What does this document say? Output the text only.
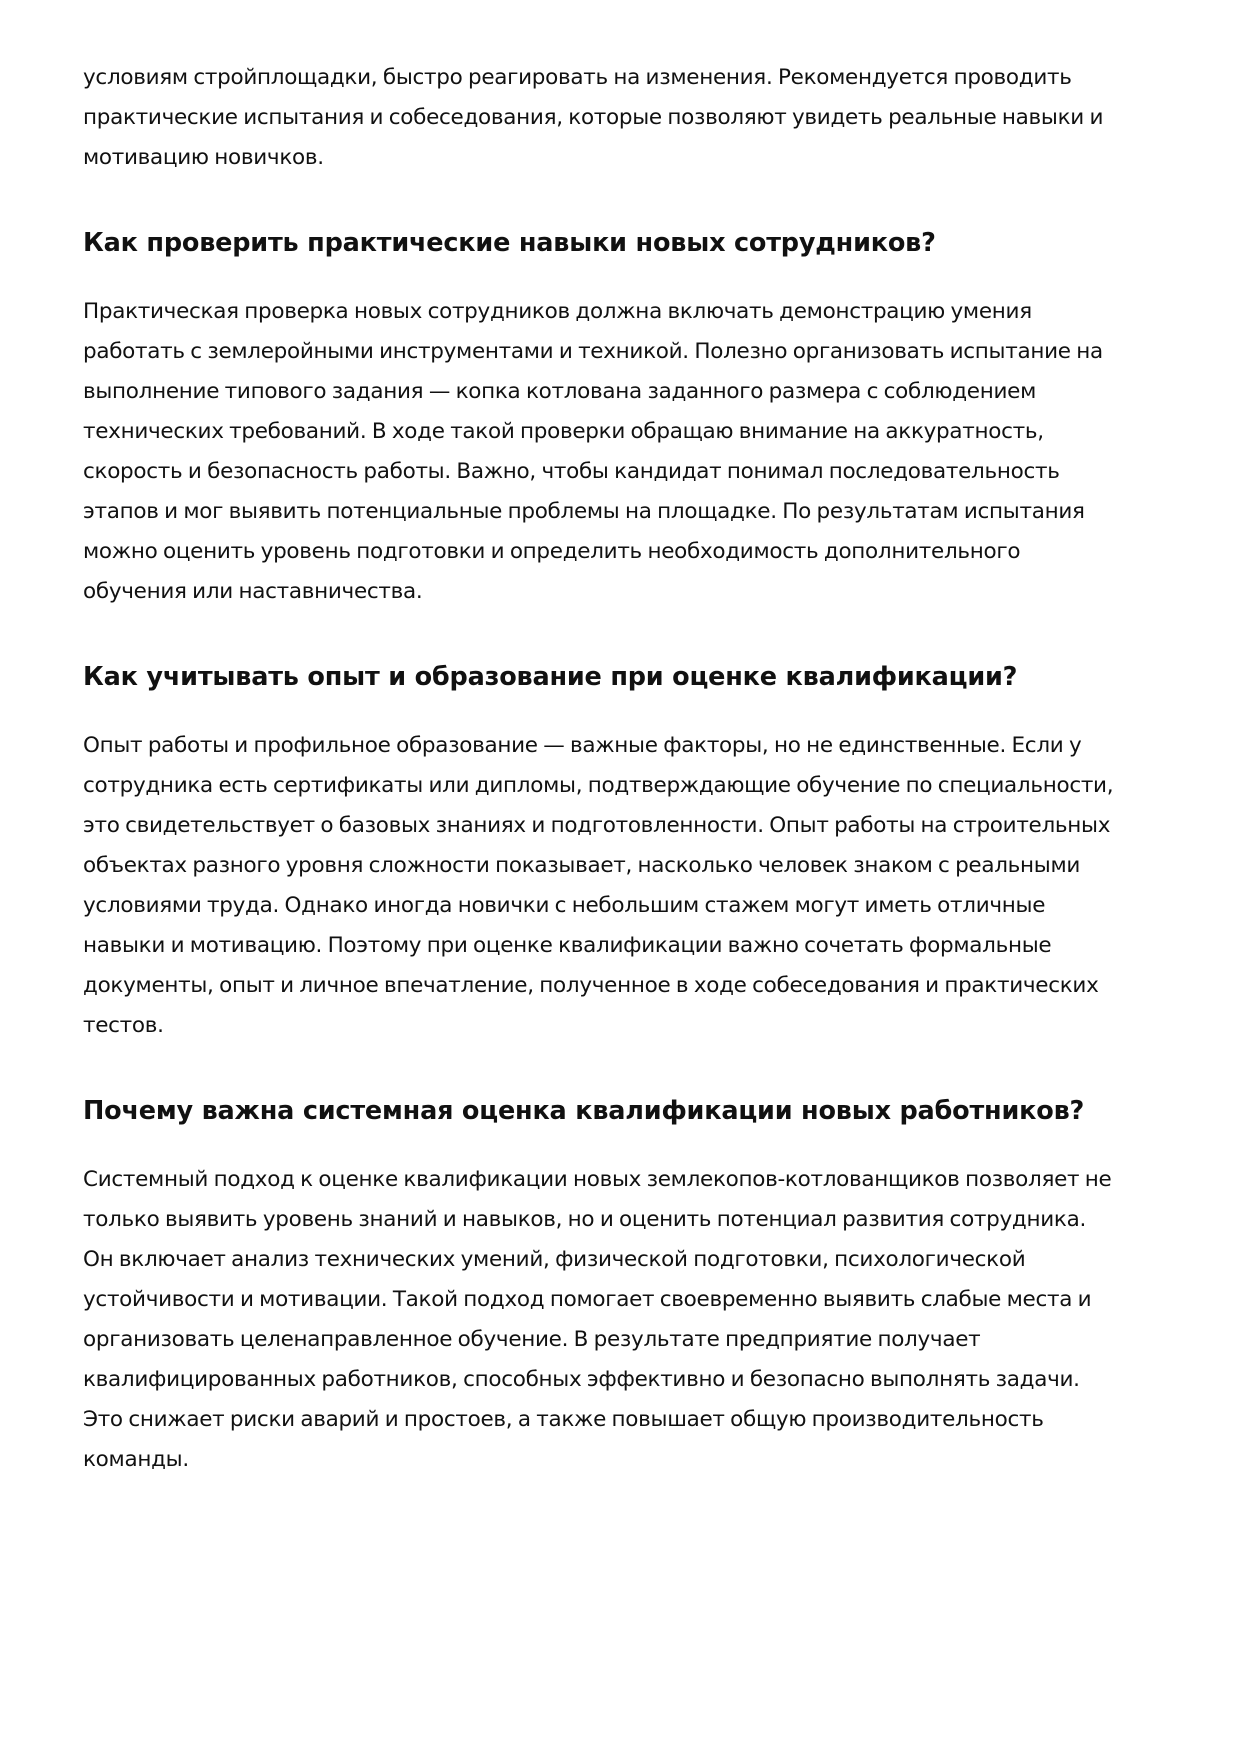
условиям стройплощадки, быстро реагировать на изменения. Рекомендуется проводить
практические испытания и собеседования, которые позволяют увидеть реальные навыки и
мотивацию новичков.

Как проверить практические навыки новых сотрудников?

Практическая проверка новых сотрудников должна включать демонстрацию умения
работать с землеройными инструментами и техникой. Полезно организовать испытание на
выполнение типового задания — копка котлована заданного размера с соблюдением
технических требований. В ходе такой проверки обращаю внимание на аккуратность,
скорость и безопасность работы. Важно, чтобы кандидат понимал последовательность
этапов и мог выявить потенциальные проблемы на площадке. По результатам испытания
можно оценить уровень подготовки и определить необходимость дополнительного
обучения или наставничества.

Как учитывать опыт и образование при оценке квалификации?

Опыт работы и профильное образование — важные факторы, но не единственные. Если у
сотрудника есть сертификаты или дипломы, подтверждающие обучение по специальности,
это свидетельствует о базовых знаниях и подготовленности. Опыт работы на строительных
объектах разного уровня сложности показывает, насколько человек знаком с реальными
условиями труда. Однако иногда новички с небольшим стажем могут иметь отличные
навыки и мотивацию. Поэтому при оценке квалификации важно сочетать формальные
документы, опыт и личное впечатление, полученное в ходе собеседования и практических
тестов.

Почему важна системная оценка квалификации новых работников?

Системный подход к оценке квалификации новых землекопов-котлованщиков позволяет не
только выявить уровень знаний и навыков, но и оценить потенциал развития сотрудника.
Он включает анализ технических умений, физической подготовки, психологической
устойчивости и мотивации. Такой подход помогает своевременно выявить слабые места и
организовать целенаправленное обучение. В результате предприятие получает
квалифицированных работников, способных эффективно и безопасно выполнять задачи.
Это снижает риски аварий и простоев, а также повышает общую производительность
команды.
